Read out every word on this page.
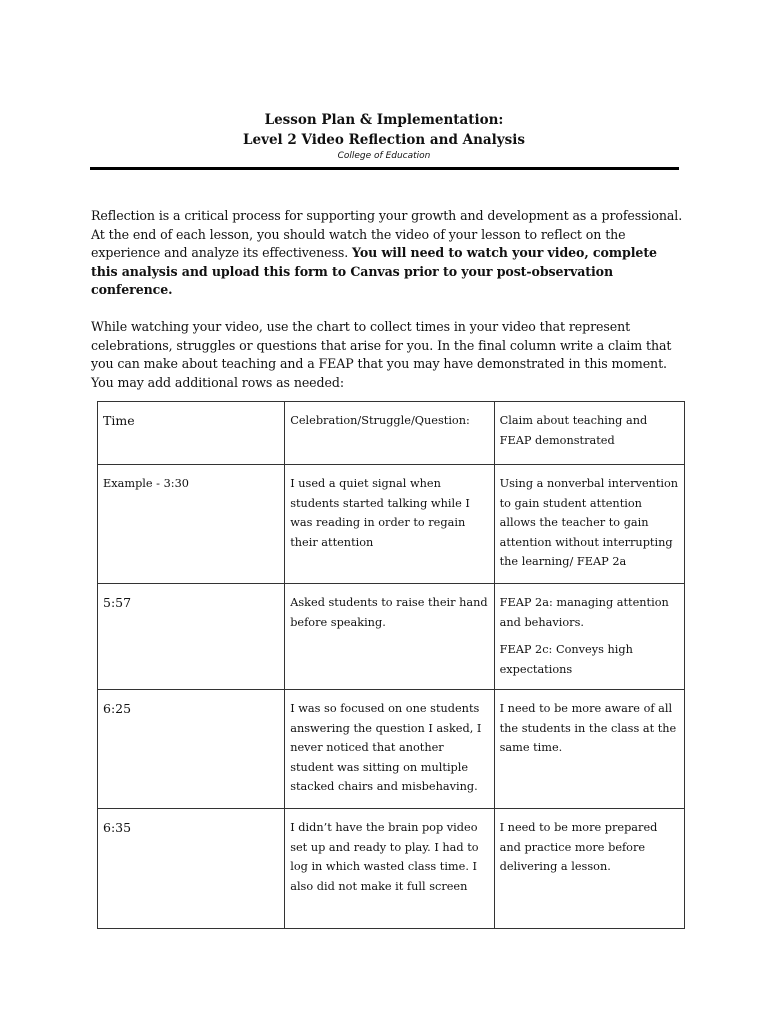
Lesson Plan & Implementation:
Level 2 Video Reflection and Analysis
College of Education
Reflection is a critical process for supporting your growth and development as a professional. At the end of each lesson, you should watch the video of your lesson to reflect on the experience and analyze its effectiveness. You will need to watch your video, complete this analysis and upload this form to Canvas prior to your post-observation conference.
While watching your video, use the chart to collect times in your video that represent celebrations, struggles or questions that arise for you. In the final column write a claim that you can make about teaching and a FEAP that you may have demonstrated in this moment. You may add additional rows as needed:
Time	Celebration/Struggle/Question:	Claim about teaching and FEAP demonstrated
Example - 3:30	I used a quiet signal when students started talking while I was reading in order to regain their attention	Using a nonverbal intervention to gain student attention allows the teacher to gain attention without interrupting the learning/ FEAP 2a
5:57	Asked students to raise their hand before speaking.	FEAP 2a: managing attention and behaviors.

FEAP 2c: Conveys high expectations

6:25	I was so focused on one students answering the question I asked, I never noticed that another student was sitting on multiple stacked chairs and misbehaving.	I need to be more aware of all the students in the class at the same time.
6:35	I didn’t have the brain pop video set up and ready to play. I had to log in which wasted class time. I also did not make it full screen	I need to be more prepared and practice more before delivering a lesson.
